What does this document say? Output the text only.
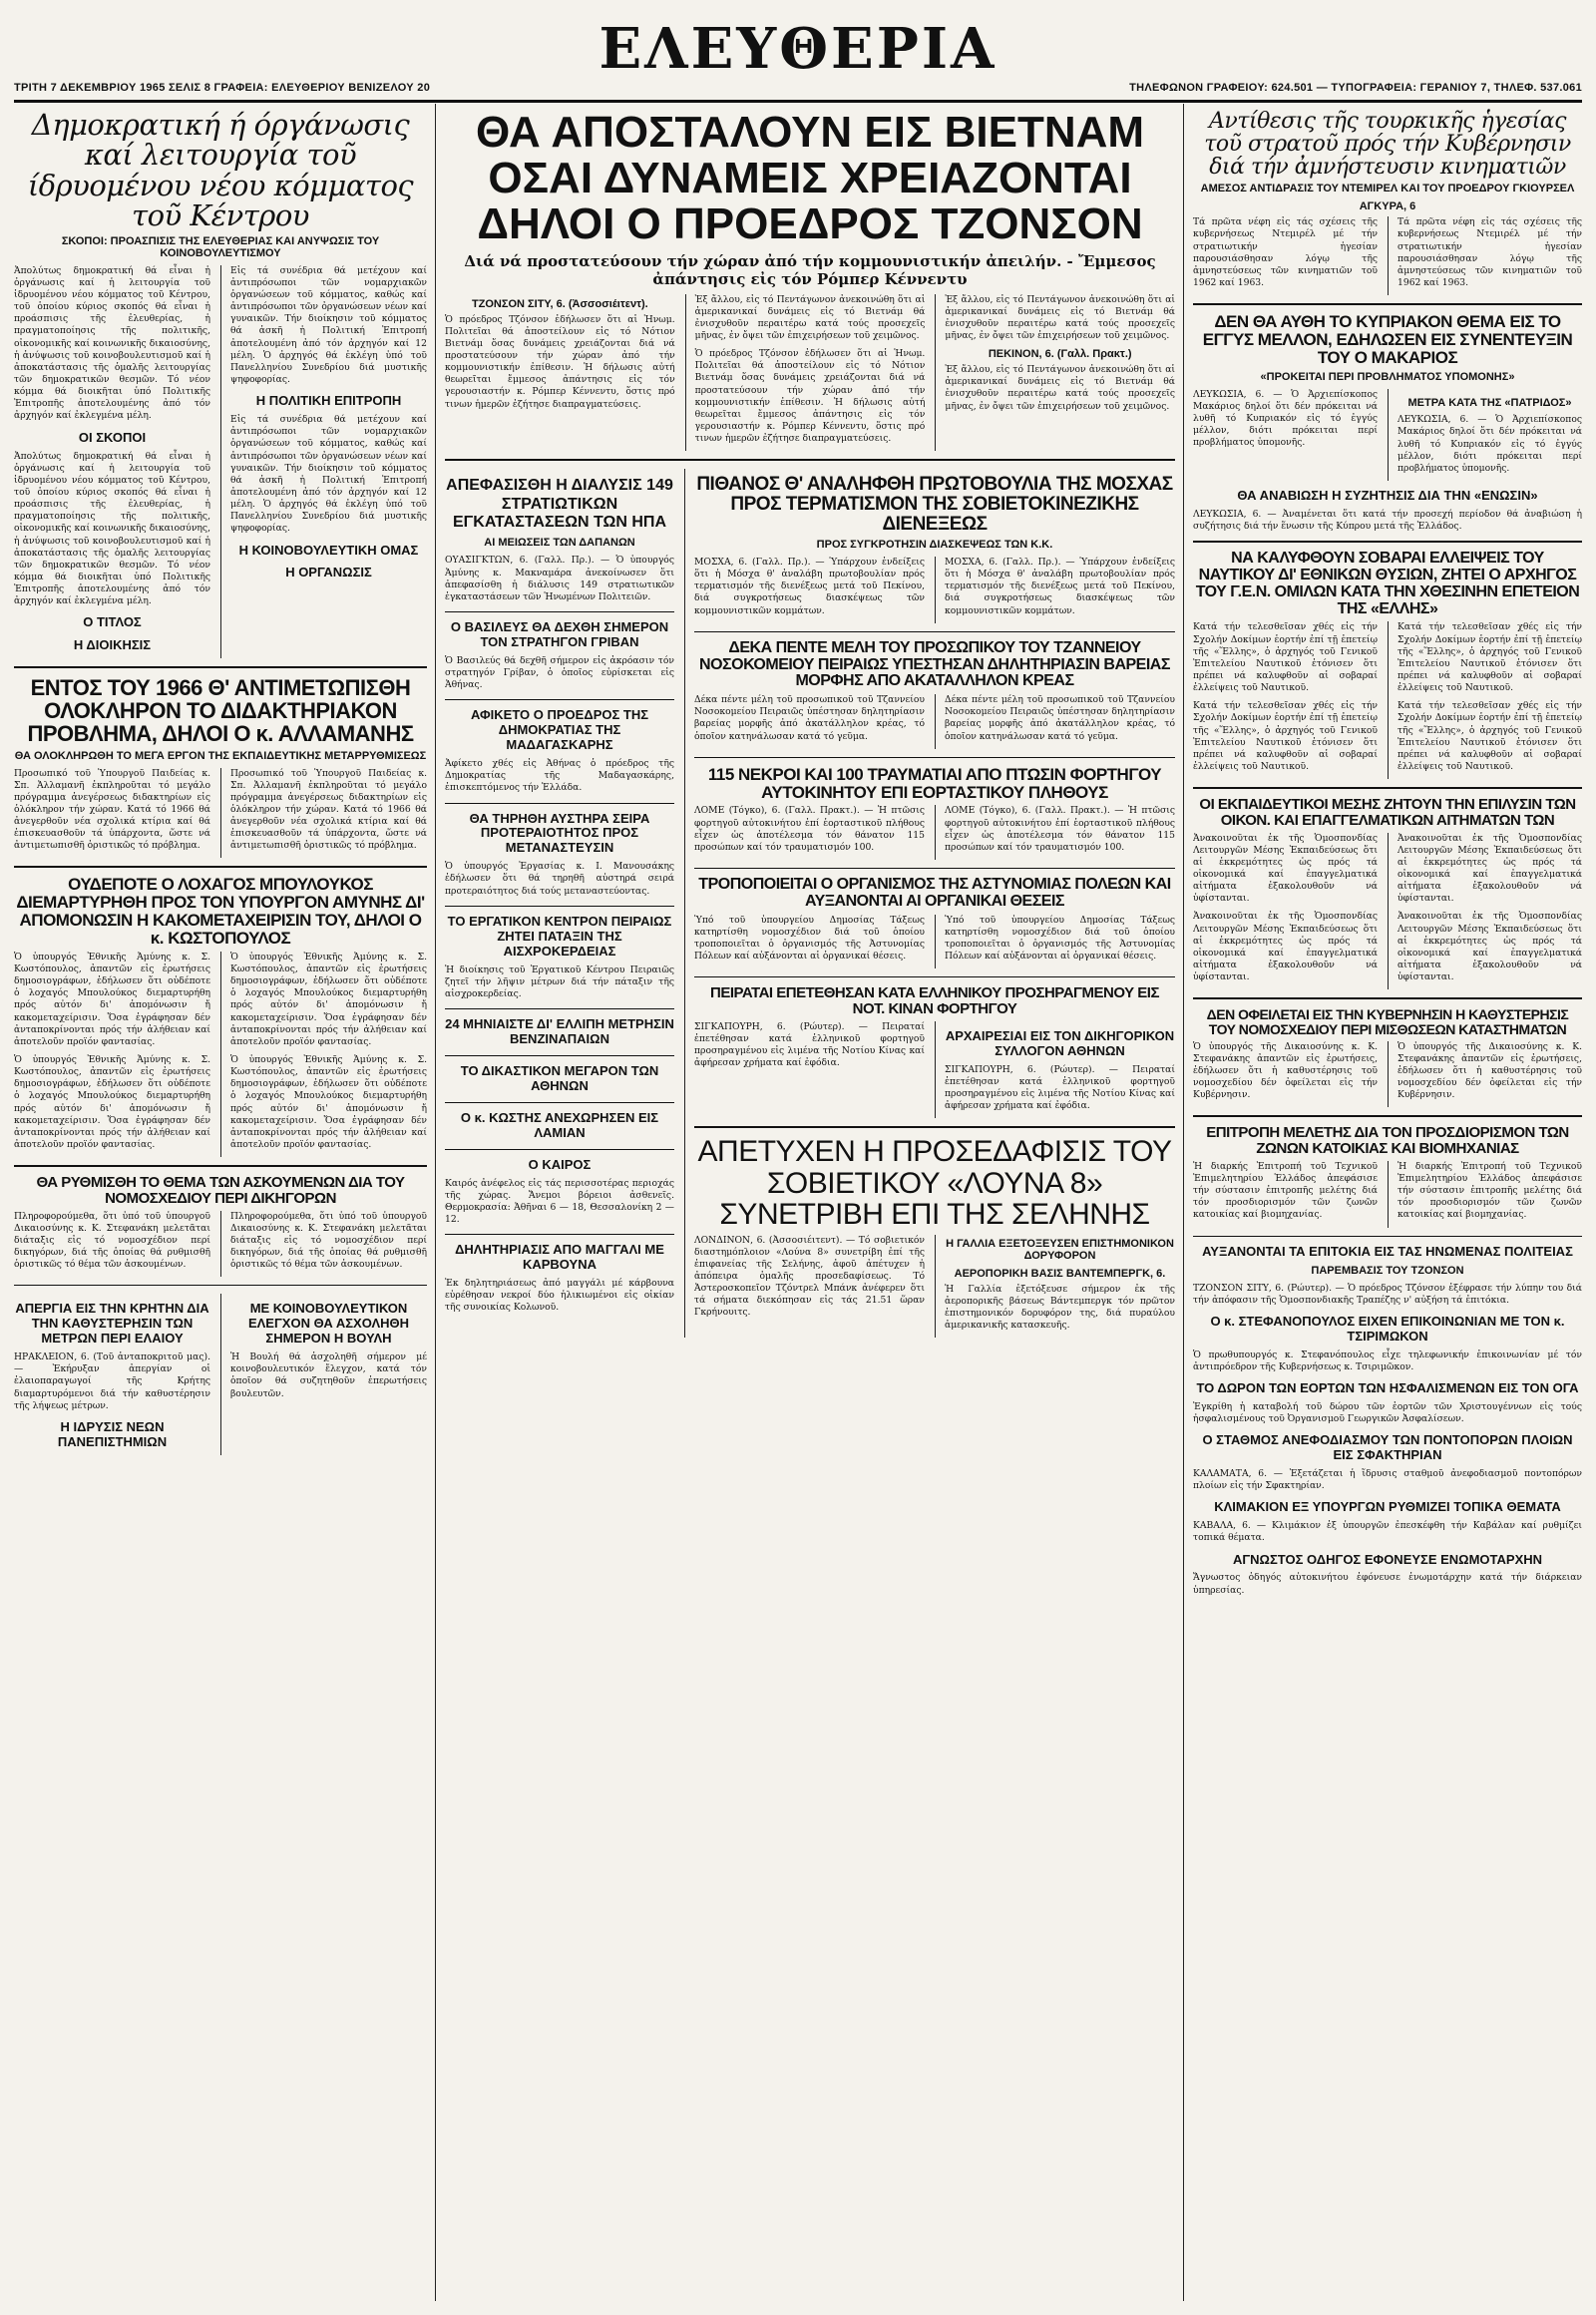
ΤΡΙΤΗ 7 ΔΕΚΕΜΒΡΙΟΥ 1965 ΣΕΛΙΣ 8 ΓΡΑΦΕΙΑ: ΕΛΕΥΘΕΡΙΟΥ ΒΕΝΙΖΕΛΟΥ 20
ΕΛΕΥΘΕΡΙΑ
ΤΗΛΕΦΩΝΟΝ ΓΡΑΦΕΙΟΥ: 624.501 — ΤΥΠΟΓΡΑΦΕΙΑ: ΓΕΡΑΝΙΟΥ 7, ΤΗΛΕΦ. 537.061
Δημοκρατική ή όργάνωσις καί λειτουργία τοῦ ίδρυομένου νέου κόμματος τοῦ Κέντρου
ΣΚΟΠΟΙ: ΠΡΟΑΣΠΙΣΙΣ ΤΗΣ ΕΛΕΥΘΕΡΙΑΣ ΚΑΙ ΑΝΥΨΩΣΙΣ ΤΟΥ ΚΟΙΝΟΒΟΥΛΕΥΤΙΣΜΟΥ

Ἀπολύτως δημοκρατική θά εἶναι ἡ ὀργάνωσις καί ἡ λειτουργία τοῦ ἱδρυομένου νέου κόμματος τοῦ Κέντρου, τοῦ ὁποίου κύριος σκοπός θά εἶναι ἡ προάσπισις τῆς ἐλευθερίας, ἡ πραγματοποίησις τῆς πολιτικῆς, οἰκονομικῆς καί κοινωνικῆς δικαιοσύνης, ἡ ἀνύψωσις τοῦ κοινοβουλευτισμοῦ καί ἡ ἀποκατάστασις τῆς ὁμαλῆς λειτουργίας τῶν δημοκρατικῶν θεσμῶν. Τό νέον κόμμα θά διοικῆται ὑπό Πολιτικῆς Ἐπιτροπῆς ἀποτελουμένης ἀπό τόν ἀρχηγόν καί ἐκλεγμένα μέλη.

ΟΙ ΣΚΟΠΟΙ

Ἀπολύτως δημοκρατική θά εἶναι ἡ ὀργάνωσις καί ἡ λειτουργία τοῦ ἱδρυομένου νέου κόμματος τοῦ Κέντρου, τοῦ ὁποίου κύριος σκοπός θά εἶναι ἡ προάσπισις τῆς ἐλευθερίας, ἡ πραγματοποίησις τῆς πολιτικῆς, οἰκονομικῆς καί κοινωνικῆς δικαιοσύνης, ἡ ἀνύψωσις τοῦ κοινοβουλευτισμοῦ καί ἡ ἀποκατάστασις τῆς ὁμαλῆς λειτουργίας τῶν δημοκρατικῶν θεσμῶν. Τό νέον κόμμα θά διοικῆται ὑπό Πολιτικῆς Ἐπιτροπῆς ἀποτελουμένης ἀπό τόν ἀρχηγόν καί ἐκλεγμένα μέλη.

Ο ΤΙΤΛΟΣ
Η ΔΙΟΙΚΗΣΙΣ

Εἰς τά συνέδρια θά μετέχουν καί ἀντιπρόσωποι τῶν νομαρχιακῶν ὀργανώσεων τοῦ κόμματος, καθώς καί ἀντιπρόσωποι τῶν ὀργανώσεων νέων καί γυναικῶν. Τήν διοίκησιν τοῦ κόμματος θά ἀσκῆ ἡ Πολιτική Ἐπιτροπή ἀποτελουμένη ἀπό τόν ἀρχηγόν καί 12 μέλη. Ὁ ἀρχηγός θά ἐκλέγη ὑπό τοῦ Πανελληνίου Συνεδρίου διά μυστικῆς ψηφοφορίας.

Η ΠΟΛΙΤΙΚΗ ΕΠΙΤΡΟΠΗ

Εἰς τά συνέδρια θά μετέχουν καί ἀντιπρόσωποι τῶν νομαρχιακῶν ὀργανώσεων τοῦ κόμματος, καθώς καί ἀντιπρόσωποι τῶν ὀργανώσεων νέων καί γυναικῶν. Τήν διοίκησιν τοῦ κόμματος θά ἀσκῆ ἡ Πολιτική Ἐπιτροπή ἀποτελουμένη ἀπό τόν ἀρχηγόν καί 12 μέλη. Ὁ ἀρχηγός θά ἐκλέγη ὑπό τοῦ Πανελληνίου Συνεδρίου διά μυστικῆς ψηφοφορίας.

Η ΚΟΙΝΟΒΟΥΛΕΥΤΙΚΗ ΟΜΑΣ
Η ΟΡΓΑΝΩΣΙΣ
ΕΝΤΟΣ ΤΟΥ 1966 Θ' ΑΝΤΙΜΕΤΩΠΙΣΘΗ ΟΛΟΚΛΗΡΟΝ ΤΟ ΔΙΔΑΚΤΗΡΙΑΚΟΝ ΠΡΟΒΛΗΜΑ, ΔΗΛΟΙ Ο κ. ΑΛΛΑΜΑΝΗΣ
ΘΑ ΟΛΟΚΛΗΡΩΘΗ ΤΟ ΜΕΓΑ ΕΡΓΟΝ ΤΗΣ ΕΚΠΑΙΔΕΥΤΙΚΗΣ ΜΕΤΑΡΡΥΘΜΙΣΕΩΣ

Προσωπικό τοῦ Ὑπουργοῦ Παιδείας κ. Σπ. Ἀλλαμανῆ ἐκπληροῦται τό μεγάλο πρόγραμμα ἀνεγέρσεως διδακτηρίων εἰς ὁλόκληρον τήν χώραν. Κατά τό 1966 θά ἀνεγερθοῦν νέα σχολικά κτίρια καί θά ἐπισκευασθοῦν τά ὑπάρχοντα, ὥστε νά ἀντιμετωπισθῆ ὁριστικῶς τό πρόβλημα.

Προσωπικό τοῦ Ὑπουργοῦ Παιδείας κ. Σπ. Ἀλλαμανῆ ἐκπληροῦται τό μεγάλο πρόγραμμα ἀνεγέρσεως διδακτηρίων εἰς ὁλόκληρον τήν χώραν. Κατά τό 1966 θά ἀνεγερθοῦν νέα σχολικά κτίρια καί θά ἐπισκευασθοῦν τά ὑπάρχοντα, ὥστε νά ἀντιμετωπισθῆ ὁριστικῶς τό πρόβλημα.

ΟΥΔΕΠΟΤΕ Ο ΛΟΧΑΓΟΣ ΜΠΟΥΛΟΥΚΟΣ ΔΙΕΜΑΡΤΥΡΗΘΗ ΠΡΟΣ ΤΟΝ ΥΠΟΥΡΓΟΝ ΑΜΥΝΗΣ ΔΙ' ΑΠΟΜΟΝΩΣΙΝ Η ΚΑΚΟΜΕΤΑΧΕΙΡΙΣΙΝ ΤΟΥ, ΔΗΛΟΙ Ο κ. ΚΩΣΤΟΠΟΥΛΟΣ

Ὁ ὑπουργός Ἐθνικῆς Ἀμύνης κ. Σ. Κωστόπουλος, ἀπαντῶν εἰς ἐρωτήσεις δημοσιογράφων, ἐδήλωσεν ὅτι οὐδέποτε ὁ λοχαγός Μπουλούκος διεμαρτυρήθη πρός αὐτόν δι' ἀπομόνωσιν ἤ κακομεταχείρισιν. Ὅσα ἐγράφησαν δέν ἀνταποκρίνονται πρός τήν ἀλήθειαν καί ἀποτελοῦν προϊόν φαντασίας.

Ὁ ὑπουργός Ἐθνικῆς Ἀμύνης κ. Σ. Κωστόπουλος, ἀπαντῶν εἰς ἐρωτήσεις δημοσιογράφων, ἐδήλωσεν ὅτι οὐδέποτε ὁ λοχαγός Μπουλούκος διεμαρτυρήθη πρός αὐτόν δι' ἀπομόνωσιν ἤ κακομεταχείρισιν. Ὅσα ἐγράφησαν δέν ἀνταποκρίνονται πρός τήν ἀλήθειαν καί ἀποτελοῦν προϊόν φαντασίας.

Ὁ ὑπουργός Ἐθνικῆς Ἀμύνης κ. Σ. Κωστόπουλος, ἀπαντῶν εἰς ἐρωτήσεις δημοσιογράφων, ἐδήλωσεν ὅτι οὐδέποτε ὁ λοχαγός Μπουλούκος διεμαρτυρήθη πρός αὐτόν δι' ἀπομόνωσιν ἤ κακομεταχείρισιν. Ὅσα ἐγράφησαν δέν ἀνταποκρίνονται πρός τήν ἀλήθειαν καί ἀποτελοῦν προϊόν φαντασίας.

Ὁ ὑπουργός Ἐθνικῆς Ἀμύνης κ. Σ. Κωστόπουλος, ἀπαντῶν εἰς ἐρωτήσεις δημοσιογράφων, ἐδήλωσεν ὅτι οὐδέποτε ὁ λοχαγός Μπουλούκος διεμαρτυρήθη πρός αὐτόν δι' ἀπομόνωσιν ἤ κακομεταχείρισιν. Ὅσα ἐγράφησαν δέν ἀνταποκρίνονται πρός τήν ἀλήθειαν καί ἀποτελοῦν προϊόν φαντασίας.

ΘΑ ΡΥΘΜΙΣΘΗ ΤΟ ΘΕΜΑ ΤΩΝ ΑΣΚΟΥΜΕΝΩΝ ΔΙΑ ΤΟΥ ΝΟΜΟΣΧΕΔΙΟΥ ΠΕΡΙ ΔΙΚΗΓΟΡΩΝ

Πληροφορούμεθα, ὅτι ὑπό τοῦ ὑπουργοῦ Δικαιοσύνης κ. Κ. Στεφανάκη μελετᾶται διάταξις εἰς τό νομοσχέδιον περί δικηγόρων, διά τῆς ὁποίας θά ρυθμισθῆ ὁριστικῶς τό θέμα τῶν ἀσκουμένων.

Πληροφορούμεθα, ὅτι ὑπό τοῦ ὑπουργοῦ Δικαιοσύνης κ. Κ. Στεφανάκη μελετᾶται διάταξις εἰς τό νομοσχέδιον περί δικηγόρων, διά τῆς ὁποίας θά ρυθμισθῆ ὁριστικῶς τό θέμα τῶν ἀσκουμένων.

ΑΠΕΡΓΙΑ ΕΙΣ ΤΗΝ ΚΡΗΤΗΝ ΔΙΑ ΤΗΝ ΚΑΘΥΣΤΕΡΗΣΙΝ ΤΩΝ ΜΕΤΡΩΝ ΠΕΡΙ ΕΛΑΙΟΥ

ΗΡΑΚΛΕΙΟΝ, 6. (Τοῦ ἀνταποκριτοῦ μας). — Ἐκήρυξαν ἀπεργίαν οἱ ἐλαιοπαραγωγοί τῆς Κρήτης διαμαρτυρόμενοι διά τήν καθυστέρησιν τῆς λήψεως μέτρων.

Η ΙΔΡΥΣΙΣ ΝΕΩΝ ΠΑΝΕΠΙΣΤΗΜΙΩΝ
ΜΕ ΚΟΙΝΟΒΟΥΛΕΥΤΙΚΟΝ ΕΛΕΓΧΟΝ ΘΑ ΑΣΧΟΛΗΘΗ ΣΗΜΕΡΟΝ Η ΒΟΥΛΗ

Ἡ Βουλή θά ἀσχοληθῆ σήμερον μέ κοινοβουλευτικόν ἔλεγχον, κατά τόν ὁποῖον θά συζητηθοῦν ἐπερωτήσεις βουλευτῶν.

ΘΑ ΑΠΟΣΤΑΛΟΥΝ ΕΙΣ ΒΙΕΤΝΑΜ ΟΣΑΙ ΔΥΝΑΜΕΙΣ ΧΡΕΙΑΖΟΝΤΑΙ ΔΗΛΟΙ Ο ΠΡΟΕΔΡΟΣ ΤΖΟΝΣΟΝ
Διά νά προστατεύσουν τήν χώραν ἀπό τήν κομμουνιστικήν ἀπειλήν. - Ἔμμεσος ἀπάντησις εἰς τόν Ρόμπερ Κέννεντυ
ΤΖΟΝΣΟΝ ΣΙΤΥ, 6. (Ἀσσοσιέιτεντ).

Ὁ πρόεδρος Τζόνσον ἐδήλωσεν ὅτι αἱ Ἡνωμ. Πολιτεῖαι θά ἀποστείλουν εἰς τό Νότιον Βιετνάμ ὅσας δυνάμεις χρειάζονται διά νά προστατεύσουν τήν χώραν ἀπό τήν κομμουνιστικήν ἐπίθεσιν. Ἡ δήλωσις αὐτή θεωρεῖται ἔμμεσος ἀπάντησις εἰς τόν γερουσιαστήν κ. Ρόμπερ Κέννεντυ, ὅστις πρό τινων ἡμερῶν ἐζήτησε διαπραγματεύσεις.

Ἐξ ἄλλου, εἰς τό Πεντάγωνον ἀνεκοινώθη ὅτι αἱ ἀμερικανικαί δυνάμεις εἰς τό Βιετνάμ θά ἐνισχυθοῦν περαιτέρω κατά τούς προσεχεῖς μῆνας, ἐν ὄψει τῶν ἐπιχειρήσεων τοῦ χειμῶνος.

Ὁ πρόεδρος Τζόνσον ἐδήλωσεν ὅτι αἱ Ἡνωμ. Πολιτεῖαι θά ἀποστείλουν εἰς τό Νότιον Βιετνάμ ὅσας δυνάμεις χρειάζονται διά νά προστατεύσουν τήν χώραν ἀπό τήν κομμουνιστικήν ἐπίθεσιν. Ἡ δήλωσις αὐτή θεωρεῖται ἔμμεσος ἀπάντησις εἰς τόν γερουσιαστήν κ. Ρόμπερ Κέννεντυ, ὅστις πρό τινων ἡμερῶν ἐζήτησε διαπραγματεύσεις.

Ἐξ ἄλλου, εἰς τό Πεντάγωνον ἀνεκοινώθη ὅτι αἱ ἀμερικανικαί δυνάμεις εἰς τό Βιετνάμ θά ἐνισχυθοῦν περαιτέρω κατά τούς προσεχεῖς μῆνας, ἐν ὄψει τῶν ἐπιχειρήσεων τοῦ χειμῶνος.

ΠΕΚΙΝΟΝ, 6. (Γαλλ. Πρακτ.)

Ἐξ ἄλλου, εἰς τό Πεντάγωνον ἀνεκοινώθη ὅτι αἱ ἀμερικανικαί δυνάμεις εἰς τό Βιετνάμ θά ἐνισχυθοῦν περαιτέρω κατά τούς προσεχεῖς μῆνας, ἐν ὄψει τῶν ἐπιχειρήσεων τοῦ χειμῶνος.

ΑΠΕΦΑΣΙΣΘΗ Η ΔΙΑΛΥΣΙΣ 149 ΣΤΡΑΤΙΩΤΙΚΩΝ ΕΓΚΑΤΑΣΤΑΣΕΩΝ ΤΩΝ ΗΠΑ
ΑΙ ΜΕΙΩΣΕΙΣ ΤΩΝ ΔΑΠΑΝΩΝ

ΟΥΑΣΙΓΚΤΩΝ, 6. (Γαλλ. Πρ.). — Ὁ ὑπουργός Ἀμύνης κ. Μακναμάρα ἀνεκοίνωσεν ὅτι ἀπεφασίσθη ἡ διάλυσις 149 στρατιωτικῶν ἐγκαταστάσεων τῶν Ἡνωμένων Πολιτειῶν.

Ο ΒΑΣΙΛΕΥΣ ΘΑ ΔΕΧΘΗ ΣΗΜΕΡΟΝ ΤΟΝ ΣΤΡΑΤΗΓΟΝ ΓΡΙΒΑΝ

Ὁ Βασιλεύς θά δεχθῆ σήμερον εἰς ἀκρόασιν τόν στρατηγόν Γρίβαν, ὁ ὁποῖος εὑρίσκεται εἰς Ἀθήνας.

ΑΦΙΚΕΤΟ Ο ΠΡΟΕΔΡΟΣ ΤΗΣ ΔΗΜΟΚΡΑΤΙΑΣ ΤΗΣ ΜΑΔΑΓΑΣΚΑΡΗΣ

Ἀφίκετο χθές εἰς Ἀθήνας ὁ πρόεδρος τῆς Δημοκρατίας τῆς Μαδαγασκάρης, ἐπισκεπτόμενος τήν Ἑλλάδα.

ΘΑ ΤΗΡΗΘΗ ΑΥΣΤΗΡΑ ΣΕΙΡΑ ΠΡΟΤΕΡΑΙΟΤΗΤΟΣ ΠΡΟΣ ΜΕΤΑΝΑΣΤΕΥΣΙΝ

Ὁ ὑπουργός Ἐργασίας κ. Ι. Μανουσάκης ἐδήλωσεν ὅτι θά τηρηθῆ αὐστηρά σειρά προτεραιότητος διά τούς μεταναστεύοντας.

ΤΟ ΕΡΓΑΤΙΚΟΝ ΚΕΝΤΡΟΝ ΠΕΙΡΑΙΩΣ ΖΗΤΕΙ ΠΑΤΑΞΙΝ ΤΗΣ ΑΙΣΧΡΟΚΕΡΔΕΙΑΣ

Ἡ διοίκησις τοῦ Ἐργατικοῦ Κέντρου Πειραιῶς ζητεῖ τήν λῆψιν μέτρων διά τήν πάταξιν τῆς αἰσχροκερδείας.

24 ΜΗΝΙΑΙΣΤΕ ΔΙ' ΕΛΛΙΠΗ ΜΕΤΡΗΣΙΝ ΒΕΝΖΙΝΑΠΑΙΩΝ
ΤΟ ΔΙΚΑΣΤΙΚΟΝ ΜΕΓΑΡΟΝ ΤΩΝ ΑΘΗΝΩΝ
Ο κ. ΚΩΣΤΗΣ ΑΝΕΧΩΡΗΣΕΝ ΕΙΣ ΛΑΜΙΑΝ
Ο ΚΑΙΡΟΣ

Καιρός ἀνέφελος εἰς τάς περισσοτέρας περιοχάς τῆς χώρας. Ἄνεμοι βόρειοι ἀσθενεῖς. Θερμοκρασία: Ἀθῆναι 6 — 18, Θεσσαλονίκη 2 — 12.

ΔΗΛΗΤΗΡΙΑΣΙΣ ΑΠΟ ΜΑΓΓΑΛΙ ΜΕ ΚΑΡΒΟΥΝΑ

Ἐκ δηλητηριάσεως ἀπό μαγγάλι μέ κάρβουνα εὑρέθησαν νεκροί δύο ἡλικιωμένοι εἰς οἰκίαν τῆς συνοικίας Κολωνοῦ.

ΠΙΘΑΝΟΣ Θ' ΑΝΑΛΗΦΘΗ ΠΡΩΤΟΒΟΥΛΙΑ ΤΗΣ ΜΟΣΧΑΣ ΠΡΟΣ ΤΕΡΜΑΤΙΣΜΟΝ ΤΗΣ ΣΟΒΙΕΤΟΚΙΝΕΖΙΚΗΣ ΔΙΕΝΕΞΕΩΣ
ΠΡΟΣ ΣΥΓΚΡΟΤΗΣΙΝ ΔΙΑΣΚΕΨΕΩΣ ΤΩΝ Κ.Κ.

ΜΟΣΧΑ, 6. (Γαλλ. Πρ.). — Ὑπάρχουν ἐνδείξεις ὅτι ἡ Μόσχα θ' ἀναλάβη πρωτοβουλίαν πρός τερματισμόν τῆς διενέξεως μετά τοῦ Πεκίνου, διά συγκροτήσεως διασκέψεως τῶν κομμουνιστικῶν κομμάτων.

ΜΟΣΧΑ, 6. (Γαλλ. Πρ.). — Ὑπάρχουν ἐνδείξεις ὅτι ἡ Μόσχα θ' ἀναλάβη πρωτοβουλίαν πρός τερματισμόν τῆς διενέξεως μετά τοῦ Πεκίνου, διά συγκροτήσεως διασκέψεως τῶν κομμουνιστικῶν κομμάτων.

ΔΕΚΑ ΠΕΝΤΕ ΜΕΛΗ ΤΟΥ ΠΡΟΣΩΠΙΚΟΥ ΤΟΥ ΤΖΑΝΝΕΙΟΥ ΝΟΣΟΚΟΜΕΙΟΥ ΠΕΙΡΑΙΩΣ ΥΠΕΣΤΗΣΑΝ ΔΗΛΗΤΗΡΙΑΣΙΝ ΒΑΡΕΙΑΣ ΜΟΡΦΗΣ ΑΠΟ ΑΚΑΤΑΛΛΗΛΟΝ ΚΡΕΑΣ

Δέκα πέντε μέλη τοῦ προσωπικοῦ τοῦ Τζαννείου Νοσοκομείου Πειραιῶς ὑπέστησαν δηλητηρίασιν βαρείας μορφῆς ἀπό ἀκατάλληλον κρέας, τό ὁποῖον κατηνάλωσαν κατά τό γεῦμα.

Δέκα πέντε μέλη τοῦ προσωπικοῦ τοῦ Τζαννείου Νοσοκομείου Πειραιῶς ὑπέστησαν δηλητηρίασιν βαρείας μορφῆς ἀπό ἀκατάλληλον κρέας, τό ὁποῖον κατηνάλωσαν κατά τό γεῦμα.

115 ΝΕΚΡΟΙ ΚΑΙ 100 ΤΡΑΥΜΑΤΙΑΙ ΑΠΟ ΠΤΩΣΙΝ ΦΟΡΤΗΓΟΥ ΑΥΤΟΚΙΝΗΤΟΥ ΕΠΙ ΕΟΡΤΑΣΤΙΚΟΥ ΠΛΗΘΟΥΣ

ΛΟΜΕ (Τόγκο), 6. (Γαλλ. Πρακτ.). — Ἡ πτῶσις φορτηγοῦ αὐτοκινήτου ἐπί ἑορταστικοῦ πλήθους εἶχεν ὡς ἀποτέλεσμα τόν θάνατον 115 προσώπων καί τόν τραυματισμόν 100.

ΛΟΜΕ (Τόγκο), 6. (Γαλλ. Πρακτ.). — Ἡ πτῶσις φορτηγοῦ αὐτοκινήτου ἐπί ἑορταστικοῦ πλήθους εἶχεν ὡς ἀποτέλεσμα τόν θάνατον 115 προσώπων καί τόν τραυματισμόν 100.

ΤΡΟΠΟΠΟΙΕΙΤΑΙ Ο ΟΡΓΑΝΙΣΜΟΣ ΤΗΣ ΑΣΤΥΝΟΜΙΑΣ ΠΟΛΕΩΝ ΚΑΙ ΑΥΞΑΝΟΝΤΑΙ ΑΙ ΟΡΓΑΝΙΚΑΙ ΘΕΣΕΙΣ

Ὑπό τοῦ ὑπουργείου Δημοσίας Τάξεως κατηρτίσθη νομοσχέδιον διά τοῦ ὁποίου τροποποιεῖται ὁ ὀργανισμός τῆς Ἀστυνομίας Πόλεων καί αὐξάνονται αἱ ὀργανικαί θέσεις.

Ὑπό τοῦ ὑπουργείου Δημοσίας Τάξεως κατηρτίσθη νομοσχέδιον διά τοῦ ὁποίου τροποποιεῖται ὁ ὀργανισμός τῆς Ἀστυνομίας Πόλεων καί αὐξάνονται αἱ ὀργανικαί θέσεις.

ΠΕΙΡΑΤΑΙ ΕΠΕΤΕΘΗΣΑΝ ΚΑΤΑ ΕΛΛΗΝΙΚΟΥ ΠΡΟΣΗΡΑΓΜΕΝΟΥ ΕΙΣ ΝΟΤ. ΚΙΝΑΝ ΦΟΡΤΗΓΟΥ

ΣΙΓΚΑΠΟΥΡΗ, 6. (Ρώυτερ). — Πειραταί ἐπετέθησαν κατά ἑλληνικοῦ φορτηγοῦ προσηραγμένου εἰς λιμένα τῆς Νοτίου Κίνας καί ἀφήρεσαν χρήματα καί ἐφόδια.

ΑΡΧΑΙΡΕΣΙΑΙ ΕΙΣ ΤΟΝ ΔΙΚΗΓΟΡΙΚΟΝ ΣΥΛΛΟΓΟΝ ΑΘΗΝΩΝ

ΣΙΓΚΑΠΟΥΡΗ, 6. (Ρώυτερ). — Πειραταί ἐπετέθησαν κατά ἑλληνικοῦ φορτηγοῦ προσηραγμένου εἰς λιμένα τῆς Νοτίου Κίνας καί ἀφήρεσαν χρήματα καί ἐφόδια.

ΑΠΕΤΥΧΕΝ Η ΠΡΟΣΕΔΑΦΙΣΙΣ ΤΟΥ ΣΟΒΙΕΤΙΚΟΥ «ΛΟΥΝΑ 8» ΣΥΝΕΤΡΙΒΗ ΕΠΙ ΤΗΣ ΣΕΛΗΝΗΣ

ΛΟΝΔΙΝΟΝ, 6. (Ἀσσοσιέιτεντ). — Τό σοβιετικόν διαστημόπλοιον «Λούνα 8» συνετρίβη ἐπί τῆς ἐπιφανείας τῆς Σελήνης, ἀφοῦ ἀπέτυχεν ἡ ἀπόπειρα ὁμαλῆς προσεδαφίσεως. Τό Ἀστεροσκοπεῖον Τζόντρελ Μπάνκ ἀνέφερεν ὅτι τά σήματα διεκόπησαν εἰς τάς 21.51 ὥραν Γκρήνουιτς.

Η ΓΑΛΛΙΑ ΕΞΕΤΟΞΕΥΣΕΝ ΕΠΙΣΤΗΜΟΝΙΚΟΝ ΔΟΡΥΦΟΡΟΝ
ΑΕΡΟΠΟΡΙΚΗ ΒΑΣΙΣ ΒΑΝΤΕΜΠΕΡΓΚ, 6.

Ἡ Γαλλία ἐξετόξευσε σήμερον ἐκ τῆς ἀεροπορικῆς βάσεως Βάντεμπεργκ τόν πρῶτον ἐπιστημονικόν δορυφόρον της, διά πυραύλου ἀμερικανικῆς κατασκευῆς.

Αντίθεσις τῆς τουρκικῆς ἡγεσίας τοῦ στρατοῦ πρός τήν Κυβέρνησιν διά τήν ἀμνήστευσιν κινηματιῶν
ΑΜΕΣΟΣ ΑΝΤΙΔΡΑΣΙΣ ΤΟΥ ΝΤΕΜΙΡΕΛ ΚΑΙ ΤΟΥ ΠΡΟΕΔΡΟΥ ΓΚΙΟΥΡΣΕΛ
ΑΓΚΥΡΑ, 6

Τά πρῶτα νέφη εἰς τάς σχέσεις τῆς κυβερνήσεως Ντεμιρέλ μέ τήν στρατιωτικήν ἡγεσίαν παρουσιάσθησαν λόγῳ τῆς ἀμνηστεύσεως τῶν κινηματιῶν τοῦ 1962 καί 1963.

Τά πρῶτα νέφη εἰς τάς σχέσεις τῆς κυβερνήσεως Ντεμιρέλ μέ τήν στρατιωτικήν ἡγεσίαν παρουσιάσθησαν λόγῳ τῆς ἀμνηστεύσεως τῶν κινηματιῶν τοῦ 1962 καί 1963.

ΔΕΝ ΘΑ ΑΥΘΗ ΤΟ ΚΥΠΡΙΑΚΟΝ ΘΕΜΑ ΕΙΣ ΤΟ ΕΓΓΥΣ ΜΕΛΛΟΝ, ΕΔΗΛΩΣΕΝ ΕΙΣ ΣΥΝΕΝΤΕΥΞΙΝ ΤΟΥ Ο ΜΑΚΑΡΙΟΣ
«ΠΡΟΚΕΙΤΑΙ ΠΕΡΙ ΠΡΟΒΛΗΜΑΤΟΣ ΥΠΟΜΟΝΗΣ»

ΛΕΥΚΩΣΙΑ, 6. — Ὁ Ἀρχιεπίσκοπος Μακάριος δηλοί ὅτι δέν πρόκειται νά λυθῆ τό Κυπριακόν εἰς τό ἐγγύς μέλλον, διότι πρόκειται περί προβλήματος ὑπομονῆς.

ΜΕΤΡΑ ΚΑΤΑ ΤΗΣ «ΠΑΤΡΙΔΟΣ»

ΛΕΥΚΩΣΙΑ, 6. — Ὁ Ἀρχιεπίσκοπος Μακάριος δηλοί ὅτι δέν πρόκειται νά λυθῆ τό Κυπριακόν εἰς τό ἐγγύς μέλλον, διότι πρόκειται περί προβλήματος ὑπομονῆς.

ΘΑ ΑΝΑΒΙΩΣΗ Η ΣΥΖΗΤΗΣΙΣ ΔΙΑ ΤΗΝ «ΕΝΩΣΙΝ»

ΛΕΥΚΩΣΙΑ, 6. — Ἀναμένεται ὅτι κατά τήν προσεχή περίοδον θά ἀναβιώση ἡ συζήτησις διά τήν ἕνωσιν τῆς Κύπρου μετά τῆς Ἑλλάδος.

ΝΑ ΚΑΛΥΦΘΟΥΝ ΣΟΒΑΡΑΙ ΕΛΛΕΙΨΕΙΣ ΤΟΥ ΝΑΥΤΙΚΟΥ ΔΙ' ΕΘΝΙΚΩΝ ΘΥΣΙΩΝ, ΖΗΤΕΙ Ο ΑΡΧΗΓΟΣ ΤΟΥ Γ.Ε.Ν. ΟΜΙΛΩΝ ΚΑΤΑ ΤΗΝ ΧΘΕΣΙΝΗΝ ΕΠΕΤΕΙΟΝ ΤΗΣ «ΕΛΛΗΣ»

Κατά τήν τελεσθεῖσαν χθές εἰς τήν Σχολήν Δοκίμων ἑορτήν ἐπί τῇ ἐπετείῳ τῆς «Ἕλλης», ὁ ἀρχηγός τοῦ Γενικοῦ Ἐπιτελείου Ναυτικοῦ ἐτόνισεν ὅτι πρέπει νά καλυφθοῦν αἱ σοβαραί ἐλλείψεις τοῦ Ναυτικοῦ.

Κατά τήν τελεσθεῖσαν χθές εἰς τήν Σχολήν Δοκίμων ἑορτήν ἐπί τῇ ἐπετείῳ τῆς «Ἕλλης», ὁ ἀρχηγός τοῦ Γενικοῦ Ἐπιτελείου Ναυτικοῦ ἐτόνισεν ὅτι πρέπει νά καλυφθοῦν αἱ σοβαραί ἐλλείψεις τοῦ Ναυτικοῦ.

Κατά τήν τελεσθεῖσαν χθές εἰς τήν Σχολήν Δοκίμων ἑορτήν ἐπί τῇ ἐπετείῳ τῆς «Ἕλλης», ὁ ἀρχηγός τοῦ Γενικοῦ Ἐπιτελείου Ναυτικοῦ ἐτόνισεν ὅτι πρέπει νά καλυφθοῦν αἱ σοβαραί ἐλλείψεις τοῦ Ναυτικοῦ.

Κατά τήν τελεσθεῖσαν χθές εἰς τήν Σχολήν Δοκίμων ἑορτήν ἐπί τῇ ἐπετείῳ τῆς «Ἕλλης», ὁ ἀρχηγός τοῦ Γενικοῦ Ἐπιτελείου Ναυτικοῦ ἐτόνισεν ὅτι πρέπει νά καλυφθοῦν αἱ σοβαραί ἐλλείψεις τοῦ Ναυτικοῦ.

ΟΙ ΕΚΠΑΙΔΕΥΤΙΚΟΙ ΜΕΣΗΣ ΖΗΤΟΥΝ ΤΗΝ ΕΠΙΛΥΣΙΝ ΤΩΝ ΟΙΚΟΝ. ΚΑΙ ΕΠΑΓΓΕΛΜΑΤΙΚΩΝ ΑΙΤΗΜΑΤΩΝ ΤΩΝ

Ἀνακοινοῦται ἐκ τῆς Ὁμοσπονδίας Λειτουργῶν Μέσης Ἐκπαιδεύσεως ὅτι αἱ ἐκκρεμότητες ὡς πρός τά οἰκονομικά καί ἐπαγγελματικά αἰτήματα ἐξακολουθοῦν νά ὑφίστανται.

Ἀνακοινοῦται ἐκ τῆς Ὁμοσπονδίας Λειτουργῶν Μέσης Ἐκπαιδεύσεως ὅτι αἱ ἐκκρεμότητες ὡς πρός τά οἰκονομικά καί ἐπαγγελματικά αἰτήματα ἐξακολουθοῦν νά ὑφίστανται.

Ἀνακοινοῦται ἐκ τῆς Ὁμοσπονδίας Λειτουργῶν Μέσης Ἐκπαιδεύσεως ὅτι αἱ ἐκκρεμότητες ὡς πρός τά οἰκονομικά καί ἐπαγγελματικά αἰτήματα ἐξακολουθοῦν νά ὑφίστανται.

Ἀνακοινοῦται ἐκ τῆς Ὁμοσπονδίας Λειτουργῶν Μέσης Ἐκπαιδεύσεως ὅτι αἱ ἐκκρεμότητες ὡς πρός τά οἰκονομικά καί ἐπαγγελματικά αἰτήματα ἐξακολουθοῦν νά ὑφίστανται.

ΔΕΝ ΟΦΕΙΛΕΤΑΙ ΕΙΣ ΤΗΝ ΚΥΒΕΡΝΗΣΙΝ Η ΚΑΘΥΣΤΕΡΗΣΙΣ ΤΟΥ ΝΟΜΟΣΧΕΔΙΟΥ ΠΕΡΙ ΜΙΣΘΩΣΕΩΝ ΚΑΤΑΣΤΗΜΑΤΩΝ

Ὁ ὑπουργός τῆς Δικαιοσύνης κ. Κ. Στεφανάκης ἀπαντῶν εἰς ἐρωτήσεις, ἐδήλωσεν ὅτι ἡ καθυστέρησις τοῦ νομοσχεδίου δέν ὀφείλεται εἰς τήν Κυβέρνησιν.

Ὁ ὑπουργός τῆς Δικαιοσύνης κ. Κ. Στεφανάκης ἀπαντῶν εἰς ἐρωτήσεις, ἐδήλωσεν ὅτι ἡ καθυστέρησις τοῦ νομοσχεδίου δέν ὀφείλεται εἰς τήν Κυβέρνησιν.

ΕΠΙΤΡΟΠΗ ΜΕΛΕΤΗΣ ΔΙΑ ΤΟΝ ΠΡΟΣΔΙΟΡΙΣΜΟΝ ΤΩΝ ΖΩΝΩΝ ΚΑΤΟΙΚΙΑΣ ΚΑΙ ΒΙΟΜΗΧΑΝΙΑΣ

Ἡ διαρκής Ἐπιτροπή τοῦ Τεχνικοῦ Ἐπιμελητηρίου Ἑλλάδος ἀπεφάσισε τήν σύστασιν ἐπιτροπῆς μελέτης διά τόν προσδιορισμόν τῶν ζωνῶν κατοικίας καί βιομηχανίας.

Ἡ διαρκής Ἐπιτροπή τοῦ Τεχνικοῦ Ἐπιμελητηρίου Ἑλλάδος ἀπεφάσισε τήν σύστασιν ἐπιτροπῆς μελέτης διά τόν προσδιορισμόν τῶν ζωνῶν κατοικίας καί βιομηχανίας.

ΑΥΞΑΝΟΝΤΑΙ ΤΑ ΕΠΙΤΟΚΙΑ ΕΙΣ ΤΑΣ ΗΝΩΜΕΝΑΣ ΠΟΛΙΤΕΙΑΣ
ΠΑΡΕΜΒΑΣΙΣ ΤΟΥ ΤΖΟΝΣΟΝ

ΤΖΟΝΣΟΝ ΣΙΤΥ, 6. (Ρώυτερ). — Ὁ πρόεδρος Τζόνσον ἐξέφρασε τήν λύπην του διά τήν ἀπόφασιν τῆς Ὁμοσπονδιακῆς Τραπέζης ν' αὐξήση τά ἐπιτόκια.

Ο κ. ΣΤΕΦΑΝΟΠΟΥΛΟΣ ΕΙΧΕΝ ΕΠΙΚΟΙΝΩΝΙΑΝ ΜΕ ΤΟΝ κ. ΤΣΙΡΙΜΩΚΟΝ

Ὁ πρωθυπουργός κ. Στεφανόπουλος εἶχε τηλεφωνικήν ἐπικοινωνίαν μέ τόν ἀντιπρόεδρον τῆς Κυβερνήσεως κ. Τσιριμῶκον.

ΤΟ ΔΩΡΟΝ ΤΩΝ ΕΟΡΤΩΝ ΤΩΝ ΗΣΦΑΛΙΣΜΕΝΩΝ ΕΙΣ ΤΟΝ ΟΓΑ

Ἐγκρίθη ἡ καταβολή τοῦ δώρου τῶν ἑορτῶν τῶν Χριστουγέννων εἰς τούς ἠσφαλισμένους τοῦ Ὀργανισμοῦ Γεωργικῶν Ἀσφαλίσεων.

Ο ΣΤΑΘΜΟΣ ΑΝΕΦΟΔΙΑΣΜΟΥ ΤΩΝ ΠΟΝΤΟΠΟΡΩΝ ΠΛΟΙΩΝ ΕΙΣ ΣΦΑΚΤΗΡΙΑΝ

ΚΑΛΑΜΑΤΑ, 6. — Ἐξετάζεται ἡ ἵδρυσις σταθμοῦ ἀνεφοδιασμοῦ ποντοπόρων πλοίων εἰς τήν Σφακτηρίαν.

ΚΛΙΜΑΚΙΟΝ ΕΞ ΥΠΟΥΡΓΩΝ ΡΥΘΜΙΖΕΙ ΤΟΠΙΚΑ ΘΕΜΑΤΑ

ΚΑΒΑΛΑ, 6. — Κλιμάκιον ἐξ ὑπουργῶν ἐπεσκέφθη τήν Καβάλαν καί ρυθμίζει τοπικά θέματα.

ΑΓΝΩΣΤΟΣ ΟΔΗΓΟΣ ΕΦΟΝΕΥΣΕ ΕΝΩΜΟΤΑΡΧΗΝ

Ἄγνωστος ὁδηγός αὐτοκινήτου ἐφόνευσε ἐνωμοτάρχην κατά τήν διάρκειαν ὑπηρεσίας.
